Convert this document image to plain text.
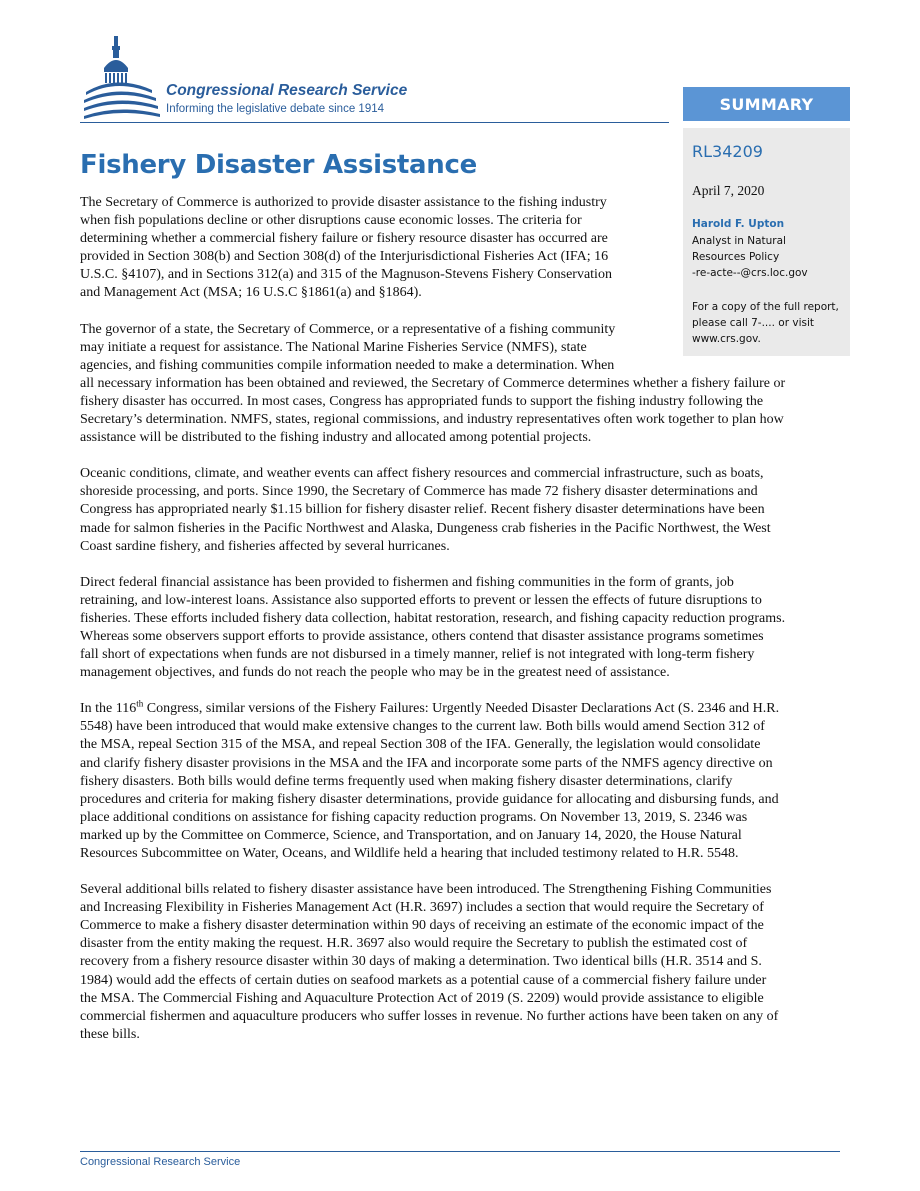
Congressional Research Service
Informing the legislative debate since 1914	SUMMARY
RL34209
April 7, 2020
Harold F. Upton
Analyst in Natural
Resources Policy
-re-acte--@crs.loc.gov
For a copy of the full report,
please call 7-.... or visit
www.crs.gov.
Fishery Disaster Assistance

The Secretary of Commerce is authorized to provide disaster assistance to the fishing industry
when fish populations decline or other disruptions cause economic losses. The criteria for
determining whether a commercial fishery failure or fishery resource disaster has occurred are
provided in Section 308(b) and Section 308(d) of the Interjurisdictional Fisheries Act (IFA; 16
U.S.C. §4107), and in Sections 312(a) and 315 of the Magnuson-Stevens Fishery Conservation
and Management Act (MSA; 16 U.S.C §1861(a) and §1864).

The governor of a state, the Secretary of Commerce, or a representative of a fishing community
may initiate a request for assistance. The National Marine Fisheries Service (NMFS), state
agencies, and fishing communities compile information needed to make a determination. When
all necessary information has been obtained and reviewed, the Secretary of Commerce determines whether a fishery failure or
fishery disaster has occurred. In most cases, Congress has appropriated funds to support the fishing industry following the
Secretary’s determination. NMFS, states, regional commissions, and industry representatives often work together to plan how
assistance will be distributed to the fishing industry and allocated among potential projects.

Oceanic conditions, climate, and weather events can affect fishery resources and commercial infrastructure, such as boats,
shoreside processing, and ports. Since 1990, the Secretary of Commerce has made 72 fishery disaster determinations and
Congress has appropriated nearly $1.15 billion for fishery disaster relief. Recent fishery disaster determinations have been
made for salmon fisheries in the Pacific Northwest and Alaska, Dungeness crab fisheries in the Pacific Northwest, the West
Coast sardine fishery, and fisheries affected by several hurricanes.

Direct federal financial assistance has been provided to fishermen and fishing communities in the form of grants, job
retraining, and low-interest loans. Assistance also supported efforts to prevent or lessen the effects of future disruptions to
fisheries. These efforts included fishery data collection, habitat restoration, research, and fishing capacity reduction programs.
Whereas some observers support efforts to provide assistance, others contend that disaster assistance programs sometimes
fall short of expectations when funds are not disbursed in a timely manner, relief is not integrated with long-term fishery
management objectives, and funds do not reach the people who may be in the greatest need of assistance.

In the 116th Congress, similar versions of the Fishery Failures: Urgently Needed Disaster Declarations Act (S. 2346 and H.R.
5548) have been introduced that would make extensive changes to the current law. Both bills would amend Section 312 of
the MSA, repeal Section 315 of the MSA, and repeal Section 308 of the IFA. Generally, the legislation would consolidate
and clarify fishery disaster provisions in the MSA and the IFA and incorporate some parts of the NMFS agency directive on
fishery disasters. Both bills would define terms frequently used when making fishery disaster determinations, clarify
procedures and criteria for making fishery disaster determinations, provide guidance for allocating and disbursing funds, and
place additional conditions on assistance for fishing capacity reduction programs. On November 13, 2019, S. 2346 was
marked up by the Committee on Commerce, Science, and Transportation, and on January 14, 2020, the House Natural
Resources Subcommittee on Water, Oceans, and Wildlife held a hearing that included testimony related to H.R. 5548.

Several additional bills related to fishery disaster assistance have been introduced. The Strengthening Fishing Communities
and Increasing Flexibility in Fisheries Management Act (H.R. 3697) includes a section that would require the Secretary of
Commerce to make a fishery disaster determination within 90 days of receiving an estimate of the economic impact of the
disaster from the entity making the request. H.R. 3697 also would require the Secretary to publish the estimated cost of
recovery from a fishery resource disaster within 30 days of making a determination. Two identical bills (H.R. 3514 and S.
1984) would add the effects of certain duties on seafood markets as a potential cause of a commercial fishery failure under
the MSA. The Commercial Fishing and Aquaculture Protection Act of 2019 (S. 2209) would provide assistance to eligible
commercial fishermen and aquaculture producers who suffer losses in revenue. No further actions have been taken on any of
these bills.

Congressional Research Service
